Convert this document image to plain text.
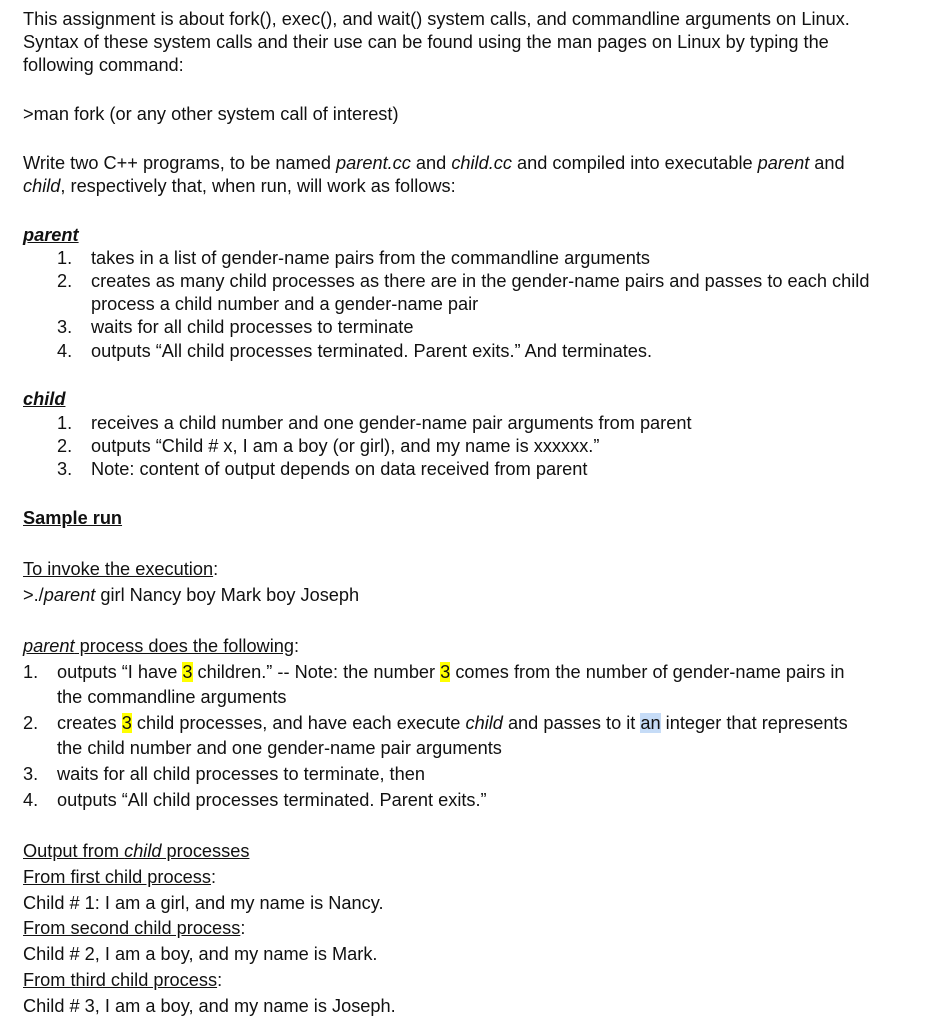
This assignment is about fork(), exec(), and wait() system calls, and commandline arguments on Linux.
Syntax of these system calls and their use can be found using the man pages on Linux by typing the
following command:
>man fork (or any other system call of interest)
Write two C++ programs, to be named parent.cc and child.cc and compiled into executable parent and
child, respectively that, when run, will work as follows:
parent
1. takes in a list of gender-name pairs from the commandline arguments
2. creates as many child processes as there are in the gender-name pairs and passes to each child
process a child number and a gender-name pair
3. waits for all child processes to terminate
4. outputs “All child processes terminated. Parent exits.” And terminates.
child
1. receives a child number and one gender-name pair arguments from parent
2. outputs “Child # x, I am a boy (or girl), and my name is xxxxxx.”
3. Note: content of output depends on data received from parent
Sample run
To invoke the execution:
>./parent girl Nancy boy Mark boy Joseph
parent process does the following:
1. outputs “I have 3 children.” -- Note: the number 3 comes from the number of gender-name pairs in
the commandline arguments
2. creates 3 child processes, and have each execute child and passes to it an integer that represents
the child number and one gender-name pair arguments
3. waits for all child processes to terminate, then
4. outputs “All child processes terminated. Parent exits.”
Output from child processes
From first child process:
Child # 1: I am a girl, and my name is Nancy.
From second child process:
Child # 2, I am a boy, and my name is Mark.
From third child process:
Child # 3, I am a boy, and my name is Joseph.
